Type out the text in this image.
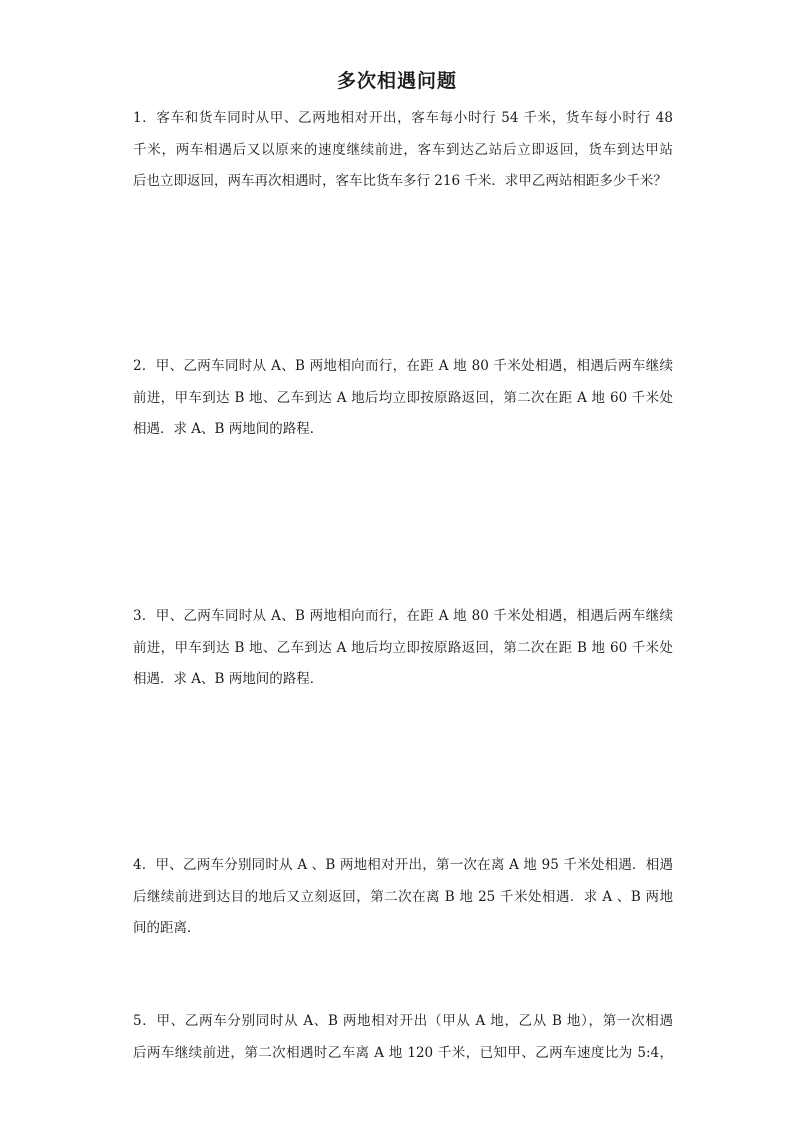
多次相遇问题
1．客车和货车同时从甲、乙两地相对开出，客车每小时行 54 千米，货车每小时行 48
千米，两车相遇后又以原来的速度继续前进，客车到达乙站后立即返回，货车到达甲站
后也立即返回，两车再次相遇时，客车比货车多行 216 千米．求甲乙两站相距多少千米？
2．甲、乙两车同时从 A、B 两地相向而行，在距 A 地 80 千米处相遇，相遇后两车继续
前进，甲车到达 B 地、乙车到达 A 地后均立即按原路返回，第二次在距 A 地 60 千米处
相遇．求 A、B 两地间的路程．
3．甲、乙两车同时从 A、B 两地相向而行，在距 A 地 80 千米处相遇，相遇后两车继续
前进，甲车到达 B 地、乙车到达 A 地后均立即按原路返回，第二次在距 B 地 60 千米处
相遇．求 A、B 两地间的路程．
4．甲、乙两车分别同时从 A 、B 两地相对开出，第一次在离 A 地 95 千米处相遇．相遇
后继续前进到达目的地后又立刻返回，第二次在离 B 地 25 千米处相遇．求 A 、B 两地
间的距离．
5．甲、乙两车分别同时从 A、B 两地相对开出（甲从 A 地，乙从 B 地），第一次相遇
后两车继续前进，第二次相遇时乙车离 A 地 120 千米，已知甲、乙两车速度比为 5:4，
